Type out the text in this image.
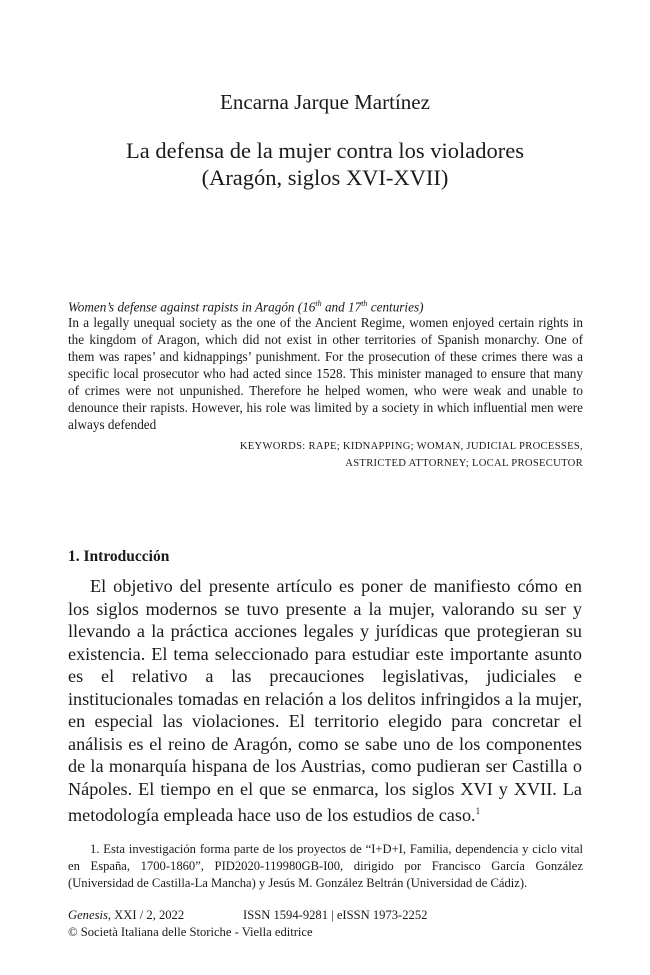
Encarna Jarque Martínez
La defensa de la mujer contra los violadores
(Aragón, siglos XVI-XVII)
Women’s defense against rapists in Aragón (16th and 17th centuries)
In a legally unequal society as the one of the Ancient Regime, women enjoyed certain rights in the kingdom of Aragon, which did not exist in other territories of Spanish monarchy. One of them was rapes’ and kidnappings’ punishment. For the prosecution of these crimes there was a specific local prosecutor who had acted since 1528. This minister managed to ensure that many of crimes were not unpunished. Therefore he helped women, who were weak and unable to denounce their rapists. However, his role was limited by a society in which influential men were always defended
KEYWORDS: RAPE; KIDNAPPING; WOMAN, JUDICIAL PROCESSES,
ASTRICTED ATTORNEY; LOCAL PROSECUTOR
1. Introducción
El objetivo del presente artículo es poner de manifiesto cómo en los siglos modernos se tuvo presente a la mujer, valorando su ser y llevando a la práctica acciones legales y jurídicas que protegieran su existencia. El tema seleccionado para estudiar este importante asunto es el relativo a las precauciones legislativas, judiciales e institucionales tomadas en relación a los delitos infringidos a la mujer, en especial las violaciones. El territorio elegido para concretar el análisis es el reino de Aragón, como se sabe uno de los componentes de la monarquía hispana de los Austrias, como pudieran ser Castilla o Nápoles. El tiempo en el que se enmarca, los siglos XVI y XVII. La metodología empleada hace uso de los estudios de caso.$^1$
1. Esta investigación forma parte de los proyectos de “I+D+I, Familia, dependencia y ciclo vital en España, 1700-1860”, PID2020-119980GB-I00, dirigido por Francisco García González (Universidad de Castilla-La Mancha) y Jesús M. González Beltrán (Universidad de Cádiz).
Genesis, XXI / 2, 2022	ISSN 1594-9281 | eISSN 1973-2252
© Società Italiana delle Storiche - Viella editrice
